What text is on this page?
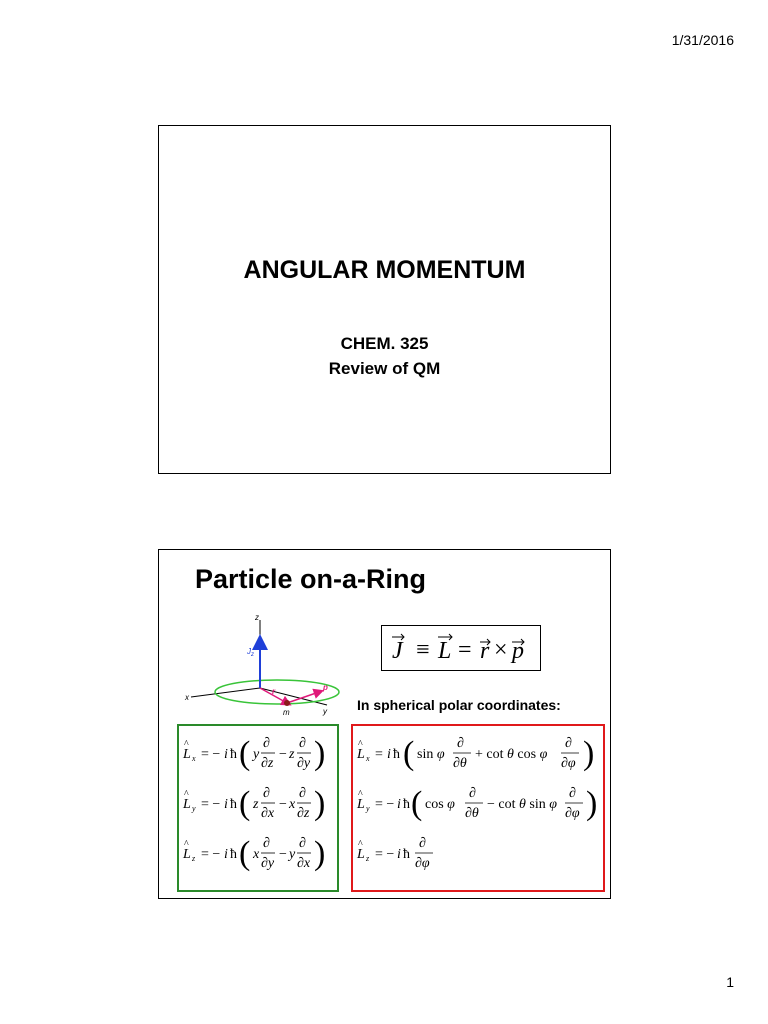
1/31/2016
ANGULAR MOMENTUM
CHEM. 325
Review of QM
Particle on-a-Ring
z
x
y
$J_z$
r	p
m
J ≡ L = r × p
In spherical polar coordinates:
L
^
x = − i ħ ( y
∂
∂z
− z
∂
∂y )
L
^
y = − i ħ ( z
∂
∂x
− x
∂
∂z )
L
^
z = − i ħ ( x
∂
∂y
− y
∂
∂x )
L
^
x = i ħ ( sin φ
∂
∂θ
+ cot θ cos φ
∂
∂φ )
L
^
y = − i ħ ( cos φ
∂
∂θ
− cot θ sin φ
∂
∂φ )
L
^
z = − i ħ
∂
∂φ
1
